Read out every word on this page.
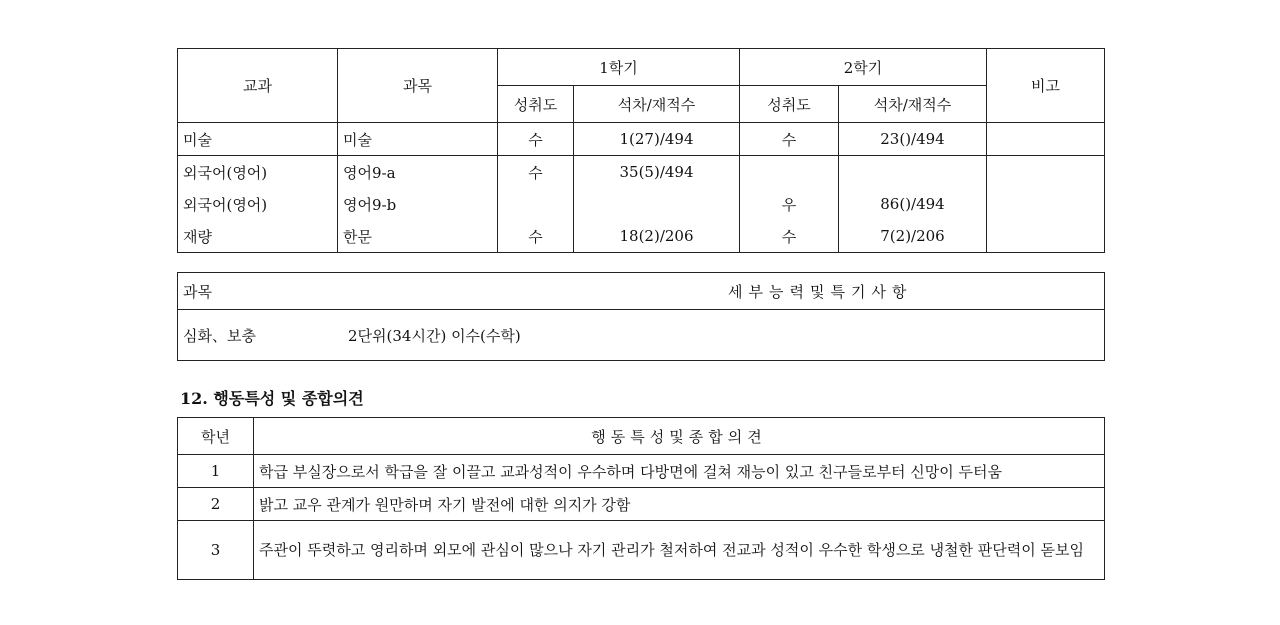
교과	과목	1학기		2학기		비고
		성취도	석차/재적수	성취도	석차/재적수	
미술	미술	수	1(27)/494	수	23()/494	
외국어(영어)	영어9-a	수	35(5)/494			
외국어(영어)	영어9-b			우	86()/494	
재량	한문	수	18(2)/206	수	7(2)/206	
과목	세부능력및특기사항
심화、보충	2단위(34시간) 이수(수학)
12. 행동특성 및 종합의견
학년	행동특성및종합의견
1	학급 부실장으로서 학급을 잘 이끌고 교과성적이 우수하며 다방면에 걸쳐 재능이 있고 친구들로부터 신망이 두터움
2	밝고 교우 관계가 원만하며 자기 발전에 대한 의지가 강함
3	주관이 뚜렷하고 영리하며 외모에 관심이 많으나 자기 관리가 철저하여 전교과 성적이 우수한 학생으로 냉철한 판단력이 돋보임
